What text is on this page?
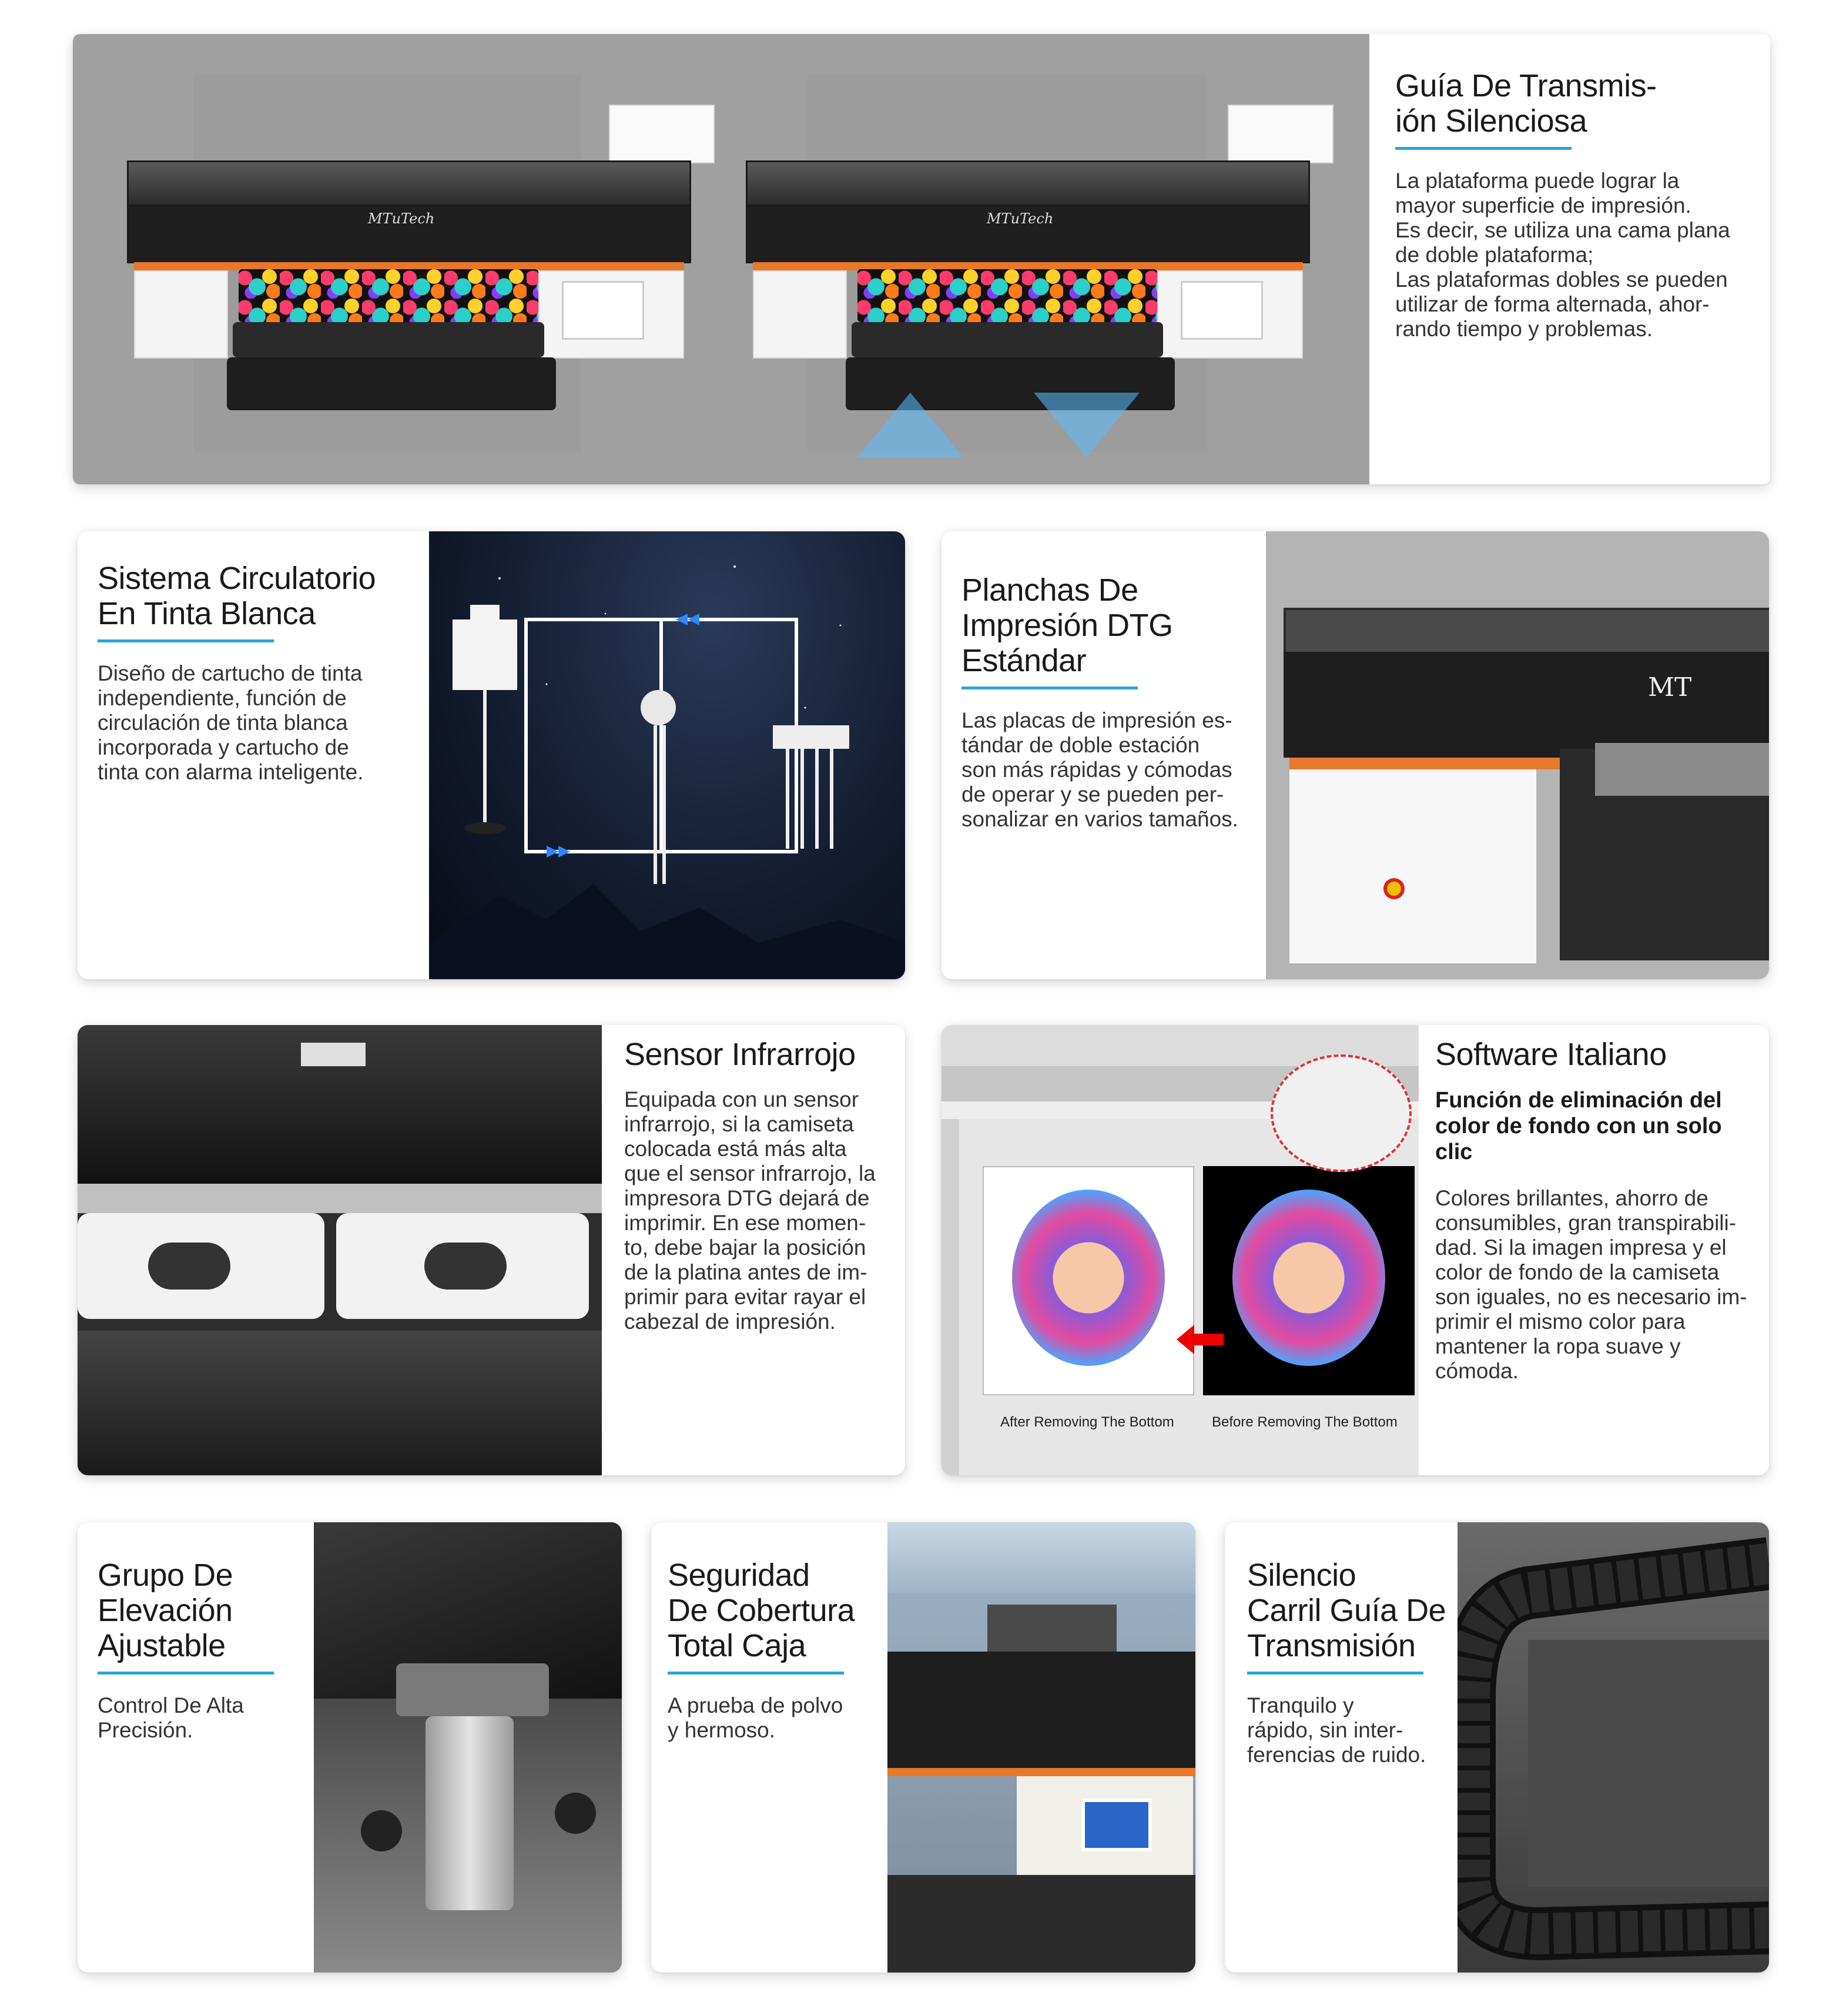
MTuTech	MTuTech
Guía De Transmis-
ión Silenciosa
La plataforma puede lograr la
mayor superficie de impresión.
Es decir, se utiliza una cama plana
de doble plataforma;
Las plataformas dobles se pueden
utilizar de forma alternada, ahor-
rando tiempo y problemas.
Sistema Circulatorio
En Tinta Blanca
Diseño de cartucho de tinta
independiente, función de
circulación de tinta blanca
incorporada y cartucho de
tinta con alarma inteligente.
Planchas De
Impresión DTG
Estándar
Las placas de impresión es-
tándar de doble estación
son más rápidas y cómodas
de operar y se pueden per-
sonalizar en varios tamaños.
MT
Sensor Infrarrojo
Equipada con un sensor
infrarrojo, si la camiseta
colocada está más alta
que el sensor infrarrojo, la
impresora DTG dejará de
imprimir. En ese momen-
to, debe bajar la posición
de la platina antes de im-
primir para evitar rayar el
cabezal de impresión.
After Removing The Bottom	Before Removing The Bottom
Software Italiano
Función de eliminación del
color de fondo con un solo
clic
Colores brillantes, ahorro de
consumibles, gran transpirabili-
dad. Si la imagen impresa y el
color de fondo de la camiseta
son iguales, no es necesario im-
primir el mismo color para
mantener la ropa suave y
cómoda.
Grupo De
Elevación
Ajustable
Control De Alta
Precisión.
Seguridad
De Cobertura
Total Caja
A prueba de polvo
y hermoso.
Silencio
Carril Guía De
Transmisión
Tranquilo y
rápido, sin inter-
ferencias de ruido.
